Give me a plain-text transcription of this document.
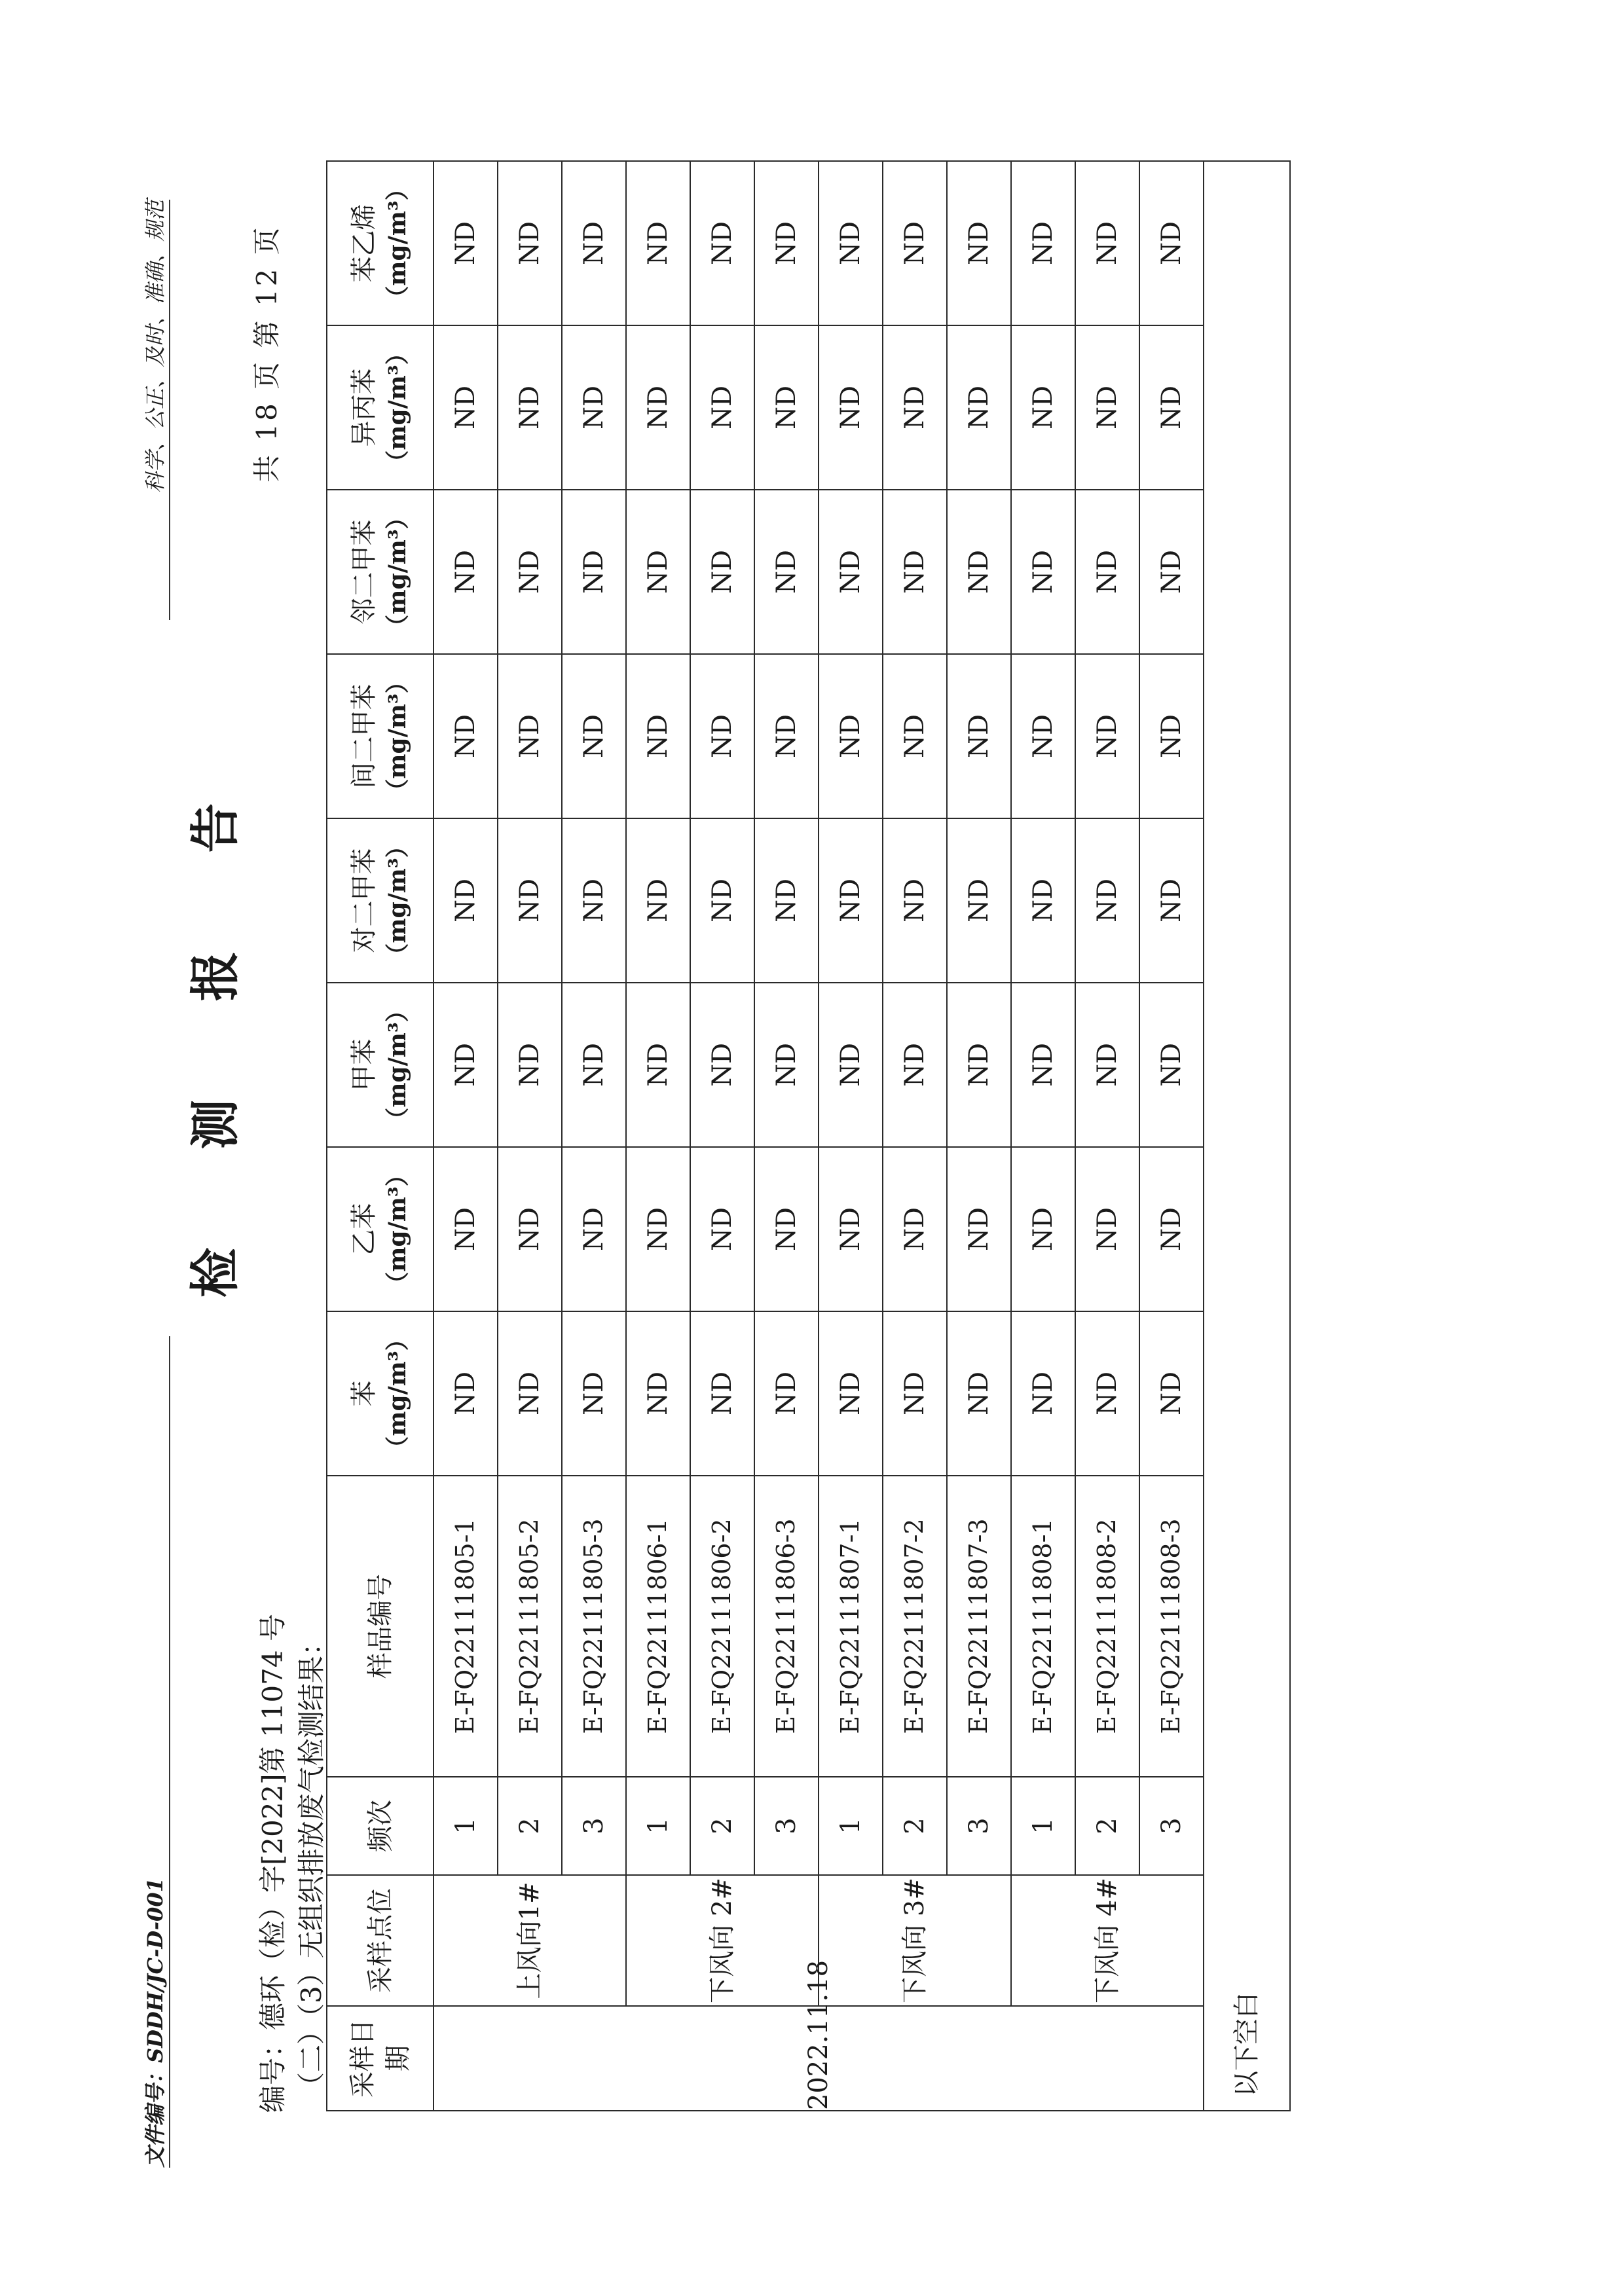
文件编号：SDDH/JC-D-001
科学、公正、及时、准确、规范
检 测 报 告
共 18 页 第 12 页
编号：德环（检）字[2022]第 11074 号 （二）（3）无组织排放废气检测结果： 采样日期	采样点位	频次	样品编号	苯 （mg/m³）	乙苯 （mg/m³）	甲苯 （mg/m³）	对二甲苯 （mg/m³）	间二甲苯 （mg/m³）	邻二甲苯 （mg/m³）	异丙苯 （mg/m³）	苯乙烯 （mg/m³）

2022.11.18	上风向1#	1	E-FQ22111805-1	ND	ND	ND	ND	ND	ND	ND	ND
		2	E-FQ22111805-2	ND	ND	ND	ND	ND	ND	ND	ND
		3	E-FQ22111805-3	ND	ND	ND	ND	ND	ND	ND	ND
	下风向 2#	1	E-FQ22111806-1	ND	ND	ND	ND	ND	ND	ND	ND
		2	E-FQ22111806-2	ND	ND	ND	ND	ND	ND	ND	ND
		3	E-FQ22111806-3	ND	ND	ND	ND	ND	ND	ND	ND
	下风向 3#	1	E-FQ22111807-1	ND	ND	ND	ND	ND	ND	ND	ND
		2	E-FQ22111807-2	ND	ND	ND	ND	ND	ND	ND	ND
		3	E-FQ22111807-3	ND	ND	ND	ND	ND	ND	ND	ND
	下风向 4#	1	E-FQ22111808-1	ND	ND	ND	ND	ND	ND	ND	ND
		2	E-FQ22111808-2	ND	ND	ND	ND	ND	ND	ND	ND
		3	E-FQ22111808-3	ND	ND	ND	ND	ND	ND	ND	ND
以下空白											
